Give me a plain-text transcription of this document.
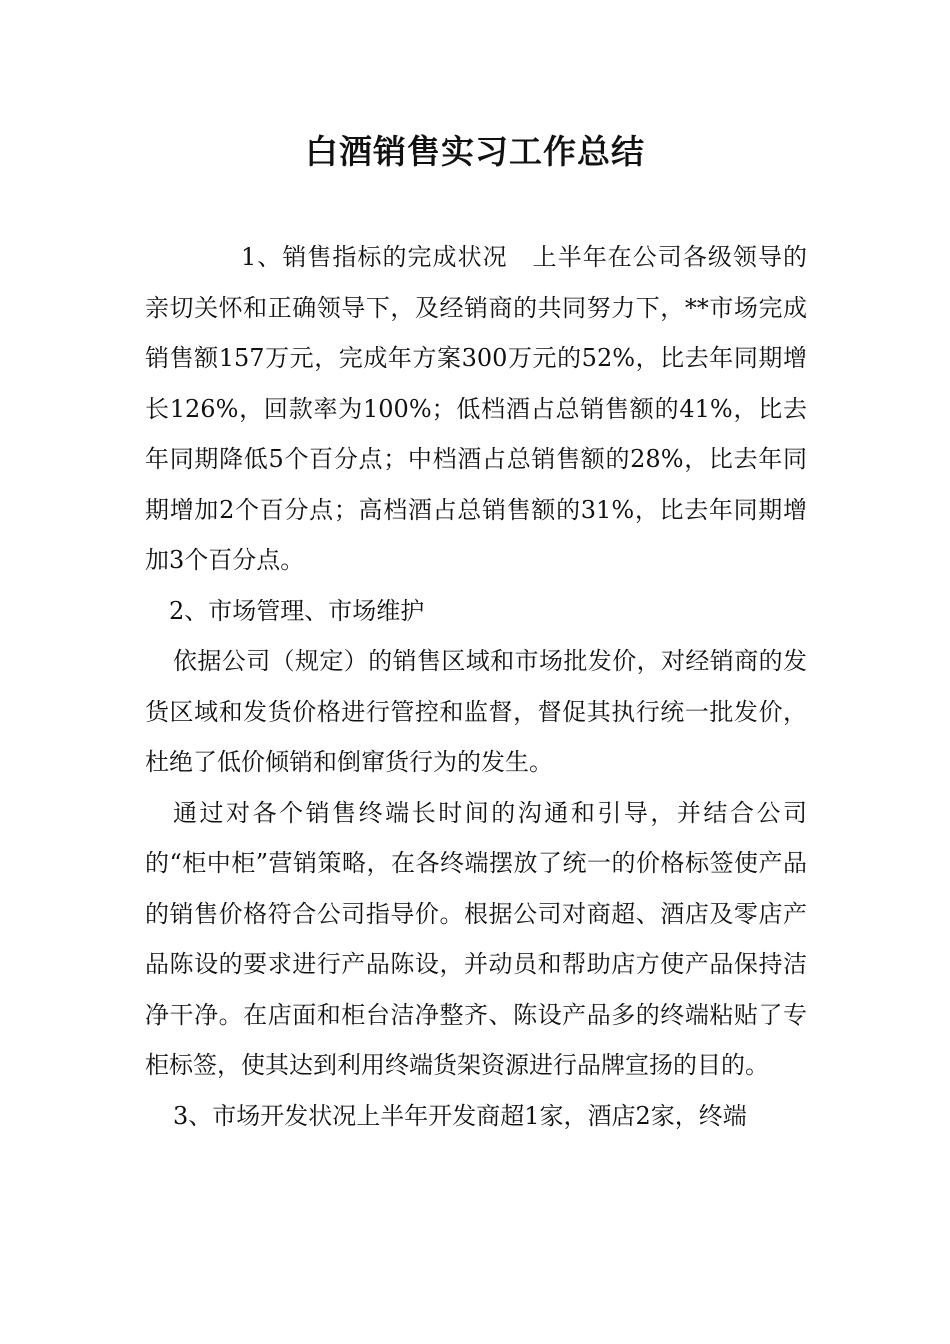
白酒销售实习工作总结

1、销售指标的完成状况　上半年在公司各级领导的亲切关怀和正确领导下，及经销商的共同努力下，**市场完成销售额157万元，完成年方案300万元的52%，比去年同期增长126%，回款率为100%；低档酒占总销售额的41%，比去年同期降低5个百分点；中档酒占总销售额的28%，比去年同期增加2个百分点；高档酒占总销售额的31%，比去年同期增加3个百分点。

2、市场管理、市场维护

依据公司（规定）的销售区域和市场批发价，对经销商的发货区域和发货价格进行管控和监督，督促其执行统一批发价，杜绝了低价倾销和倒窜货行为的发生。

通过对各个销售终端长时间的沟通和引导，并结合公司的“柜中柜”营销策略，在各终端摆放了统一的价格标签使产品的销售价格符合公司指导价。根据公司对商超、酒店及零店产品陈设的要求进行产品陈设，并动员和帮助店方使产品保持洁净干净。在店面和柜台洁净整齐、陈设产品多的终端粘贴了专柜标签，使其达到利用终端货架资源进行品牌宣扬的目的。

3、市场开发状况上半年开发商超1家，酒店2家，终端
